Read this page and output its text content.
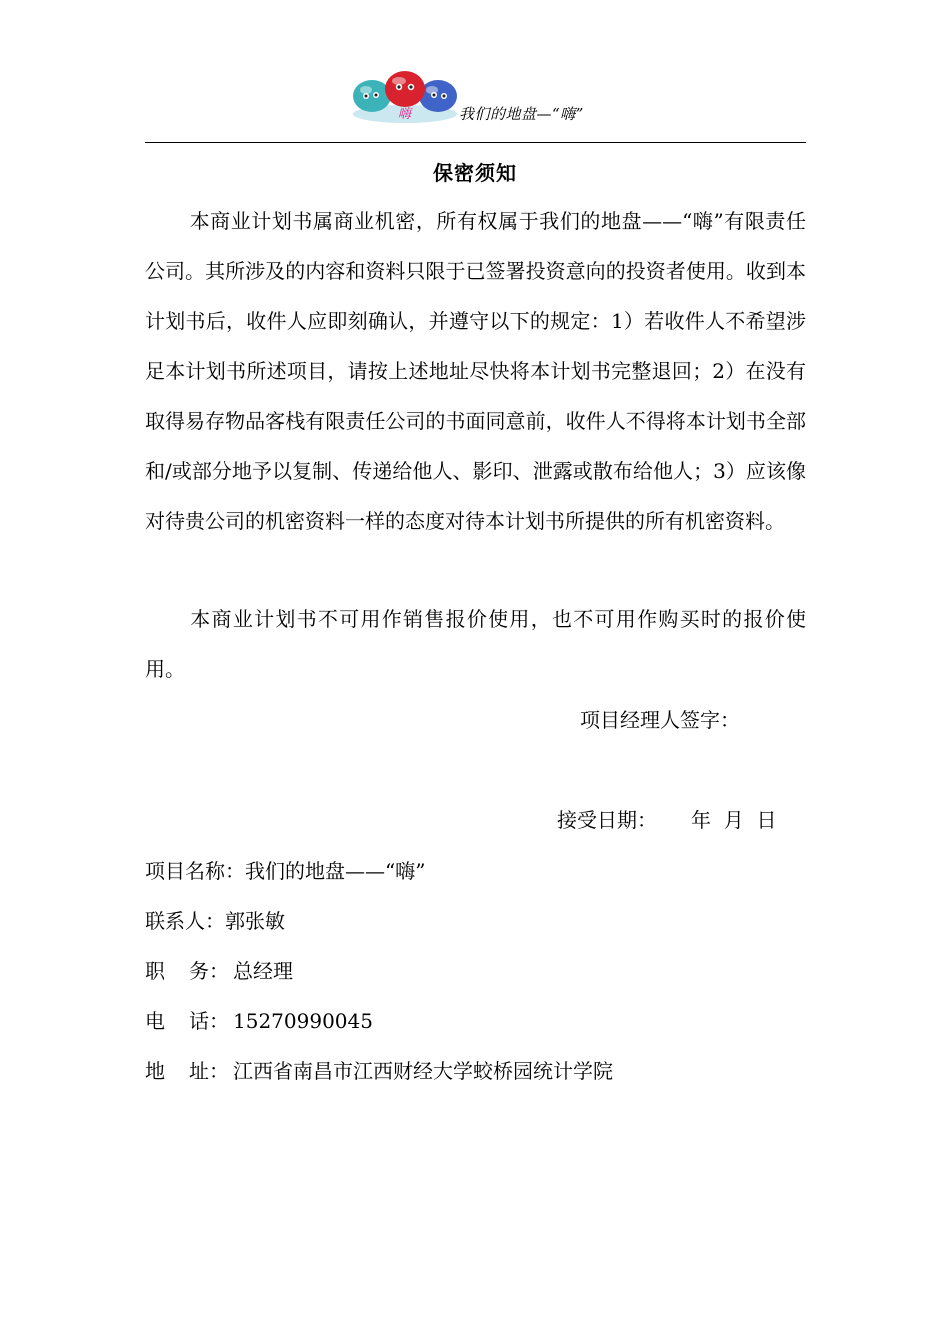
嗨	我们的地盘—“嗨”
保密须知
本商业计划书属商业机密，所有权属于我们的地盘——“嗨”有限责任公司。其所涉及的内容和资料只限于已签署投资意向的投资者使用。收到本计划书后，收件人应即刻确认，并遵守以下的规定：1）若收件人不希望涉足本计划书所述项目，请按上述地址尽快将本计划书完整退回；2）在没有取得易存物品客栈有限责任公司的书面同意前，收件人不得将本计划书全部和/或部分地予以复制、传递给他人、影印、泄露或散布给他人；3）应该像对待贵公司的机密资料一样的态度对待本计划书所提供的所有机密资料。
本商业计划书不可用作销售报价使用，也不可用作购买时的报价使用。
项目经理人签字：
接受日期： 年 月 日
项目名称：我们的地盘——“嗨”
联系人：郭张敏
职 务： 总经理
电 话： 15270990045
地 址： 江西省南昌市江西财经大学蛟桥园统计学院
